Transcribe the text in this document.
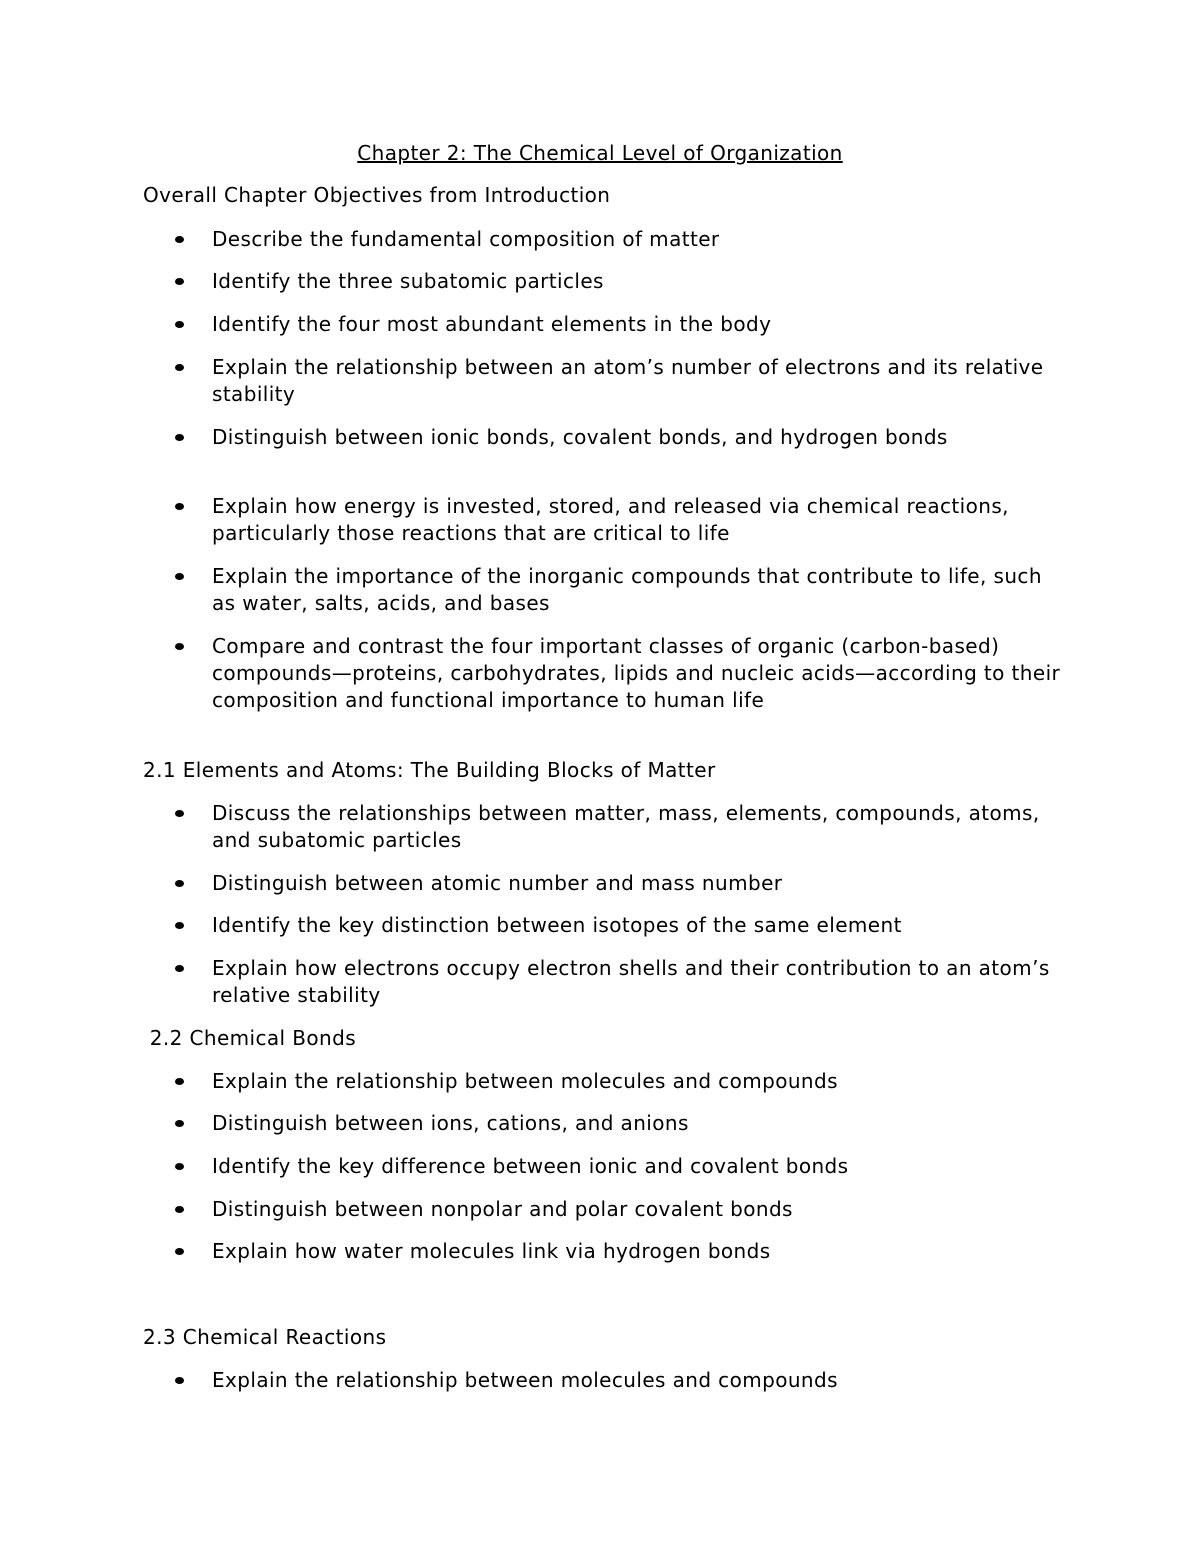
Chapter 2: The Chemical Level of Organization
Overall Chapter Objectives from Introduction
Describe the fundamental composition of matter
Identify the three subatomic particles
Identify the four most abundant elements in the body
Explain the relationship between an atom’s number of electrons and its relative stability
Distinguish between ionic bonds, covalent bonds, and hydrogen bonds
Explain how energy is invested, stored, and released via chemical reactions, particularly those reactions that are critical to life
Explain the importance of the inorganic compounds that contribute to life, such as water, salts, acids, and bases
Compare and contrast the four important classes of organic (carbon-based) compounds—proteins, carbohydrates, lipids and nucleic acids—according to their composition and functional importance to human life
2.1 Elements and Atoms: The Building Blocks of Matter
Discuss the relationships between matter, mass, elements, compounds, atoms, and subatomic particles
Distinguish between atomic number and mass number
Identify the key distinction between isotopes of the same element
Explain how electrons occupy electron shells and their contribution to an atom’s relative stability
2.2 Chemical Bonds
Explain the relationship between molecules and compounds
Distinguish between ions, cations, and anions
Identify the key difference between ionic and covalent bonds
Distinguish between nonpolar and polar covalent bonds
Explain how water molecules link via hydrogen bonds
2.3 Chemical Reactions
Explain the relationship between molecules and compounds
